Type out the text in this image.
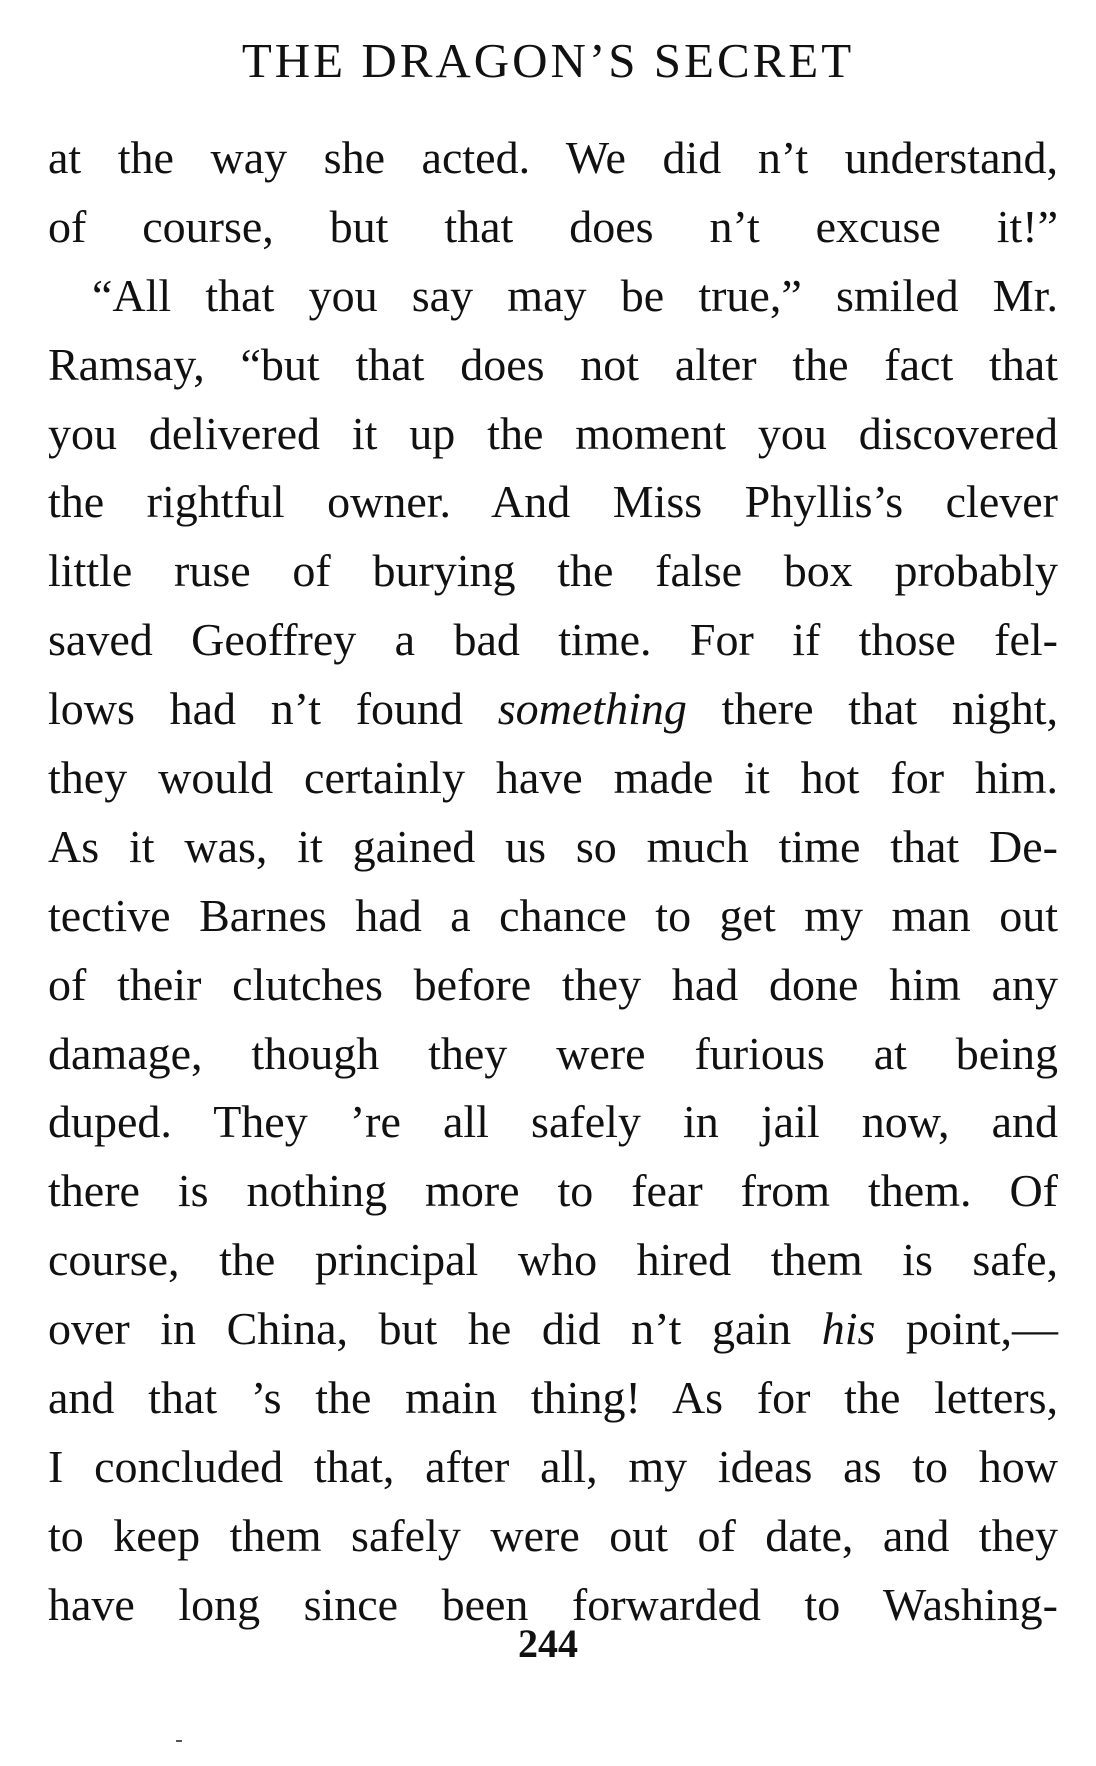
THE DRAGON’S SECRET
at the way she acted. We did n’t understand,
of course, but that does n’t excuse it!”
“All that you say may be true,” smiled Mr.
Ramsay, “but that does not alter the fact that
you delivered it up the moment you discovered
the rightful owner. And Miss Phyllis’s clever
little ruse of burying the false box probably
saved Geoffrey a bad time. For if those fel-
lows had n’t found something there that night,
they would certainly have made it hot for him.
As it was, it gained us so much time that De-
tective Barnes had a chance to get my man out
of their clutches before they had done him any
damage, though they were furious at being
duped. They ’re all safely in jail now, and
there is nothing more to fear from them. Of
course, the principal who hired them is safe,
over in China, but he did n’t gain his point,—
and that ’s the main thing! As for the letters,
I concluded that, after all, my ideas as to how
to keep them safely were out of date, and they
have long since been forwarded to Washing-
244
